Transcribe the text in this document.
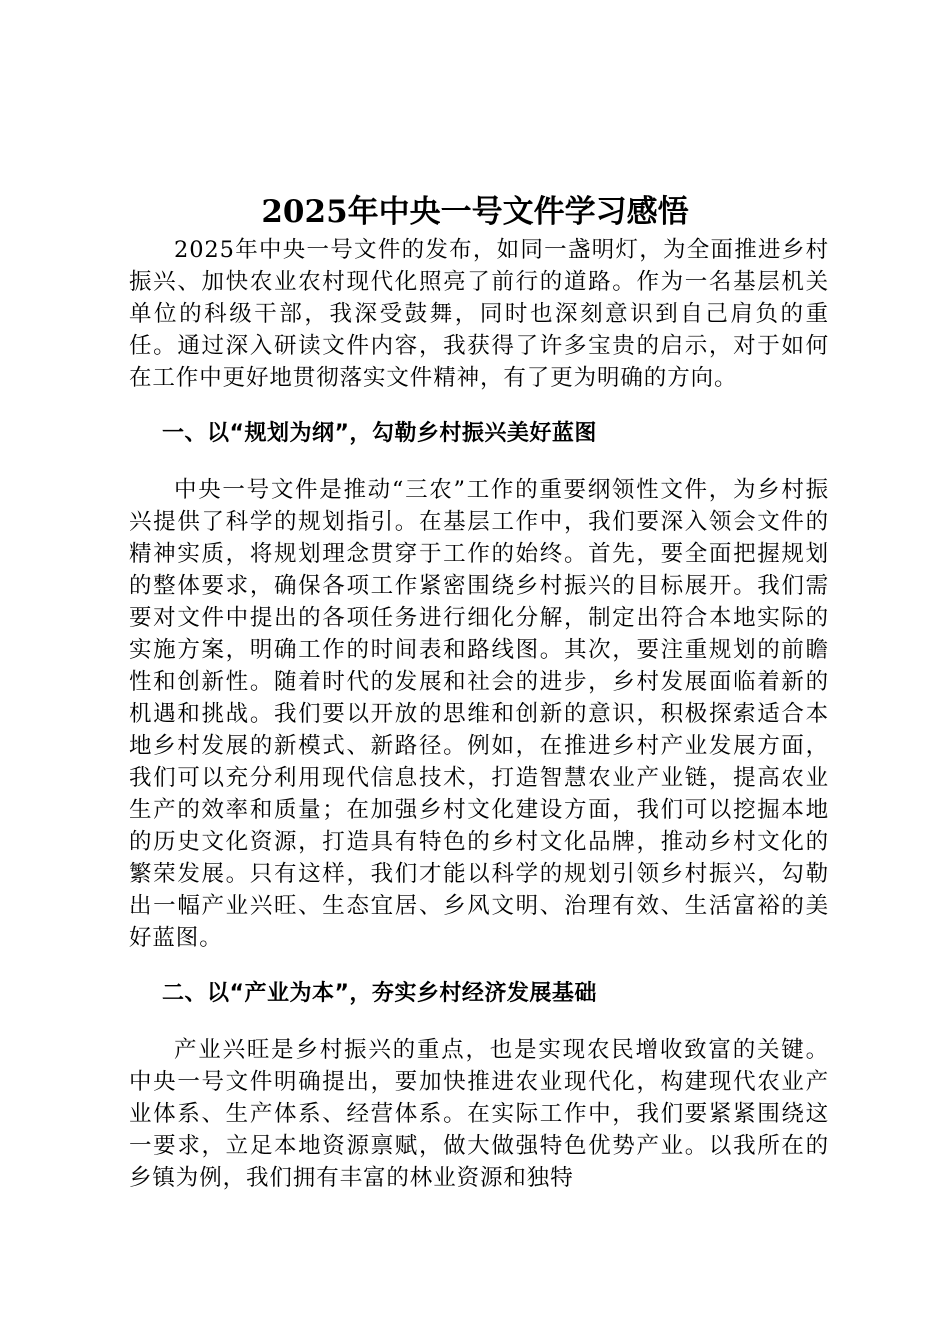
2025年中央一号文件学习感悟

2025年中央一号文件的发布，如同一盏明灯，为全面推进乡村振兴、加快农业农村现代化照亮了前行的道路。作为一名基层机关单位的科级干部，我深受鼓舞，同时也深刻意识到自己肩负的重任。通过深入研读文件内容，我获得了许多宝贵的启示，对于如何在工作中更好地贯彻落实文件精神，有了更为明确的方向。

一、以“规划为纲”，勾勒乡村振兴美好蓝图

中央一号文件是推动“三农”工作的重要纲领性文件，为乡村振兴提供了科学的规划指引。在基层工作中，我们要深入领会文件的精神实质，将规划理念贯穿于工作的始终。首先，要全面把握规划的整体要求，确保各项工作紧密围绕乡村振兴的目标展开。我们需要对文件中提出的各项任务进行细化分解，制定出符合本地实际的实施方案，明确工作的时间表和路线图。其次，要注重规划的前瞻性和创新性。随着时代的发展和社会的进步，乡村发展面临着新的机遇和挑战。我们要以开放的思维和创新的意识，积极探索适合本地乡村发展的新模式、新路径。例如，在推进乡村产业发展方面，我们可以充分利用现代信息技术，打造智慧农业产业链，提高农业生产的效率和质量；在加强乡村文化建设方面，我们可以挖掘本地的历史文化资源，打造具有特色的乡村文化品牌，推动乡村文化的繁荣发展。只有这样，我们才能以科学的规划引领乡村振兴，勾勒出一幅产业兴旺、生态宜居、乡风文明、治理有效、生活富裕的美好蓝图。

二、以“产业为本”，夯实乡村经济发展基础

产业兴旺是乡村振兴的重点，也是实现农民增收致富的关键。中央一号文件明确提出，要加快推进农业现代化，构建现代农业产业体系、生产体系、经营体系。在实际工作中，我们要紧紧围绕这一要求，立足本地资源禀赋，做大做强特色优势产业。以我所在的乡镇为例，我们拥有丰富的林业资源和独特
